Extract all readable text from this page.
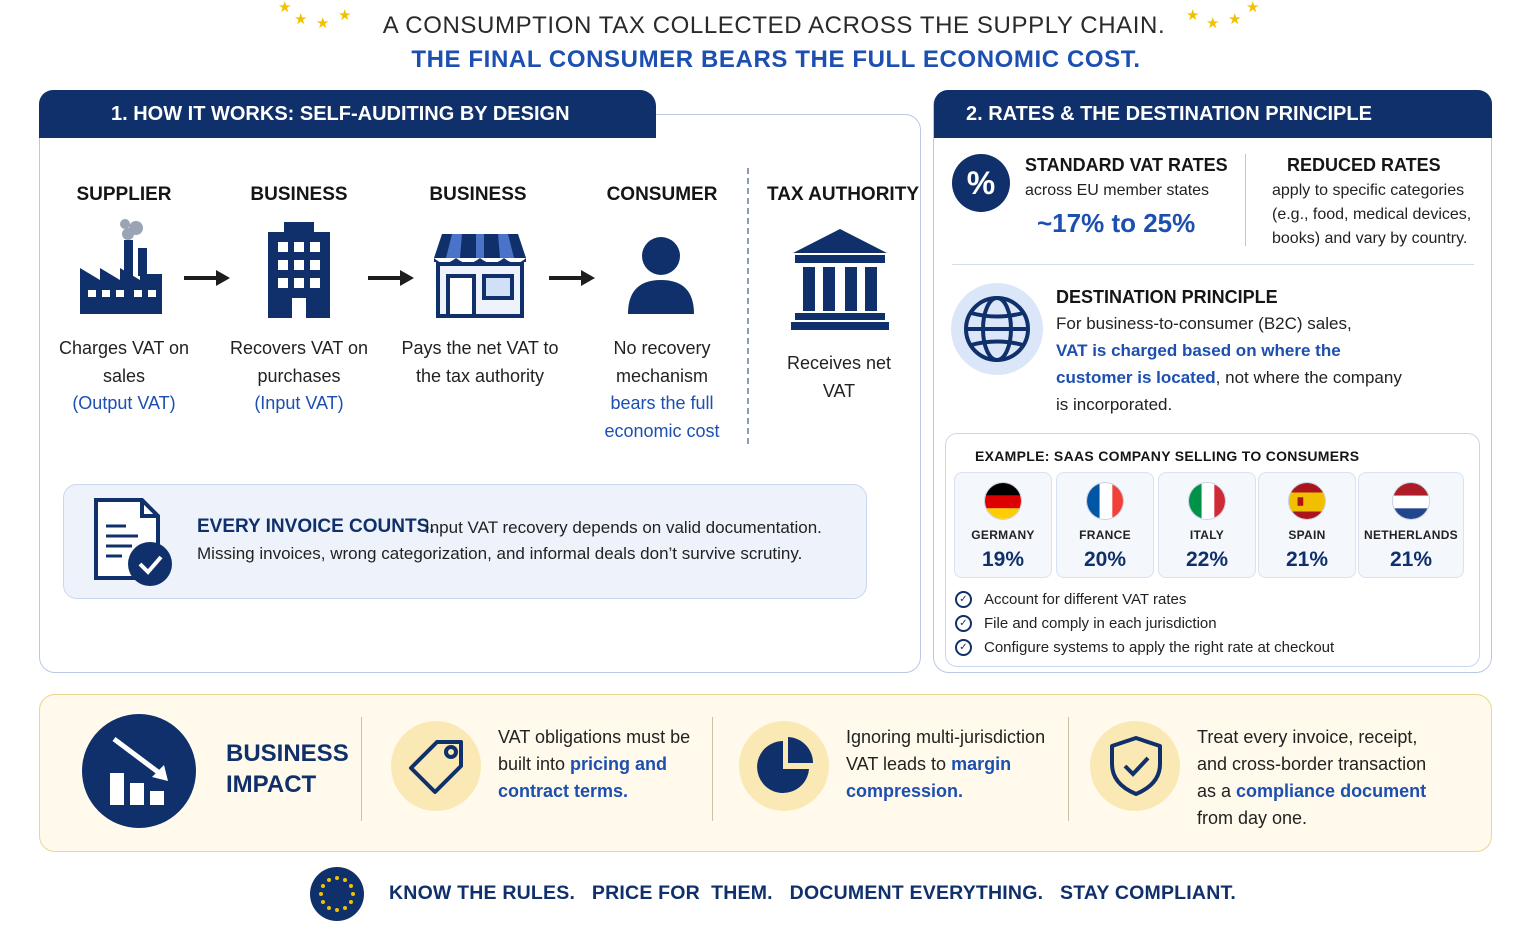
★
★ ★ ★	★ ★ ★
★
A CONSUMPTION TAX COLLECTED ACROSS THE SUPPLY CHAIN.
THE FINAL CONSUMER BEARS THE FULL ECONOMIC COST.
1. HOW IT WORKS: SELF-AUDITING BY DESIGN
SUPPLIER	BUSINESS	BUSINESS	CONSUMER	TAX AUTHORITY
Charges VAT on sales
(Output VAT)
Recovers VAT on purchases
(Input VAT)
Pays the net VAT to the tax authority
No recovery mechanism
bears the full economic cost
Receives net VAT
EVERY INVOICE COUNTS.
Input VAT recovery depends on valid documentation.
Missing invoices, wrong categorization, and informal deals don’t survive scrutiny.
2. RATES & THE DESTINATION PRINCIPLE
% STANDARD VAT RATES
across EU member states
~17% to 25%
REDUCED RATES
apply to specific categories
(e.g., food, medical devices,
books) and vary by country.
DESTINATION PRINCIPLE
For business-to-consumer (B2C) sales,
VAT is charged based on where the
customer is located, not where the company
is incorporated.
EXAMPLE: SAAS COMPANY SELLING TO CONSUMERS
GERMANY
19%
FRANCE
20%
ITALY
22%
SPAIN
21%
NETHERLANDS
21%
✓ Account for different VAT rates
✓ File and comply in each jurisdiction
✓ Configure systems to apply the right rate at checkout
BUSINESS
IMPACT
VAT obligations must be
built into pricing and
contract terms.
Ignoring multi-jurisdiction
VAT leads to margin
compression.
Treat every invoice, receipt,
and cross-border transaction
as a compliance document
from day one.
KNOW THE RULES.   PRICE FOR  THEM.   DOCUMENT EVERYTHING.   STAY COMPLIANT.
